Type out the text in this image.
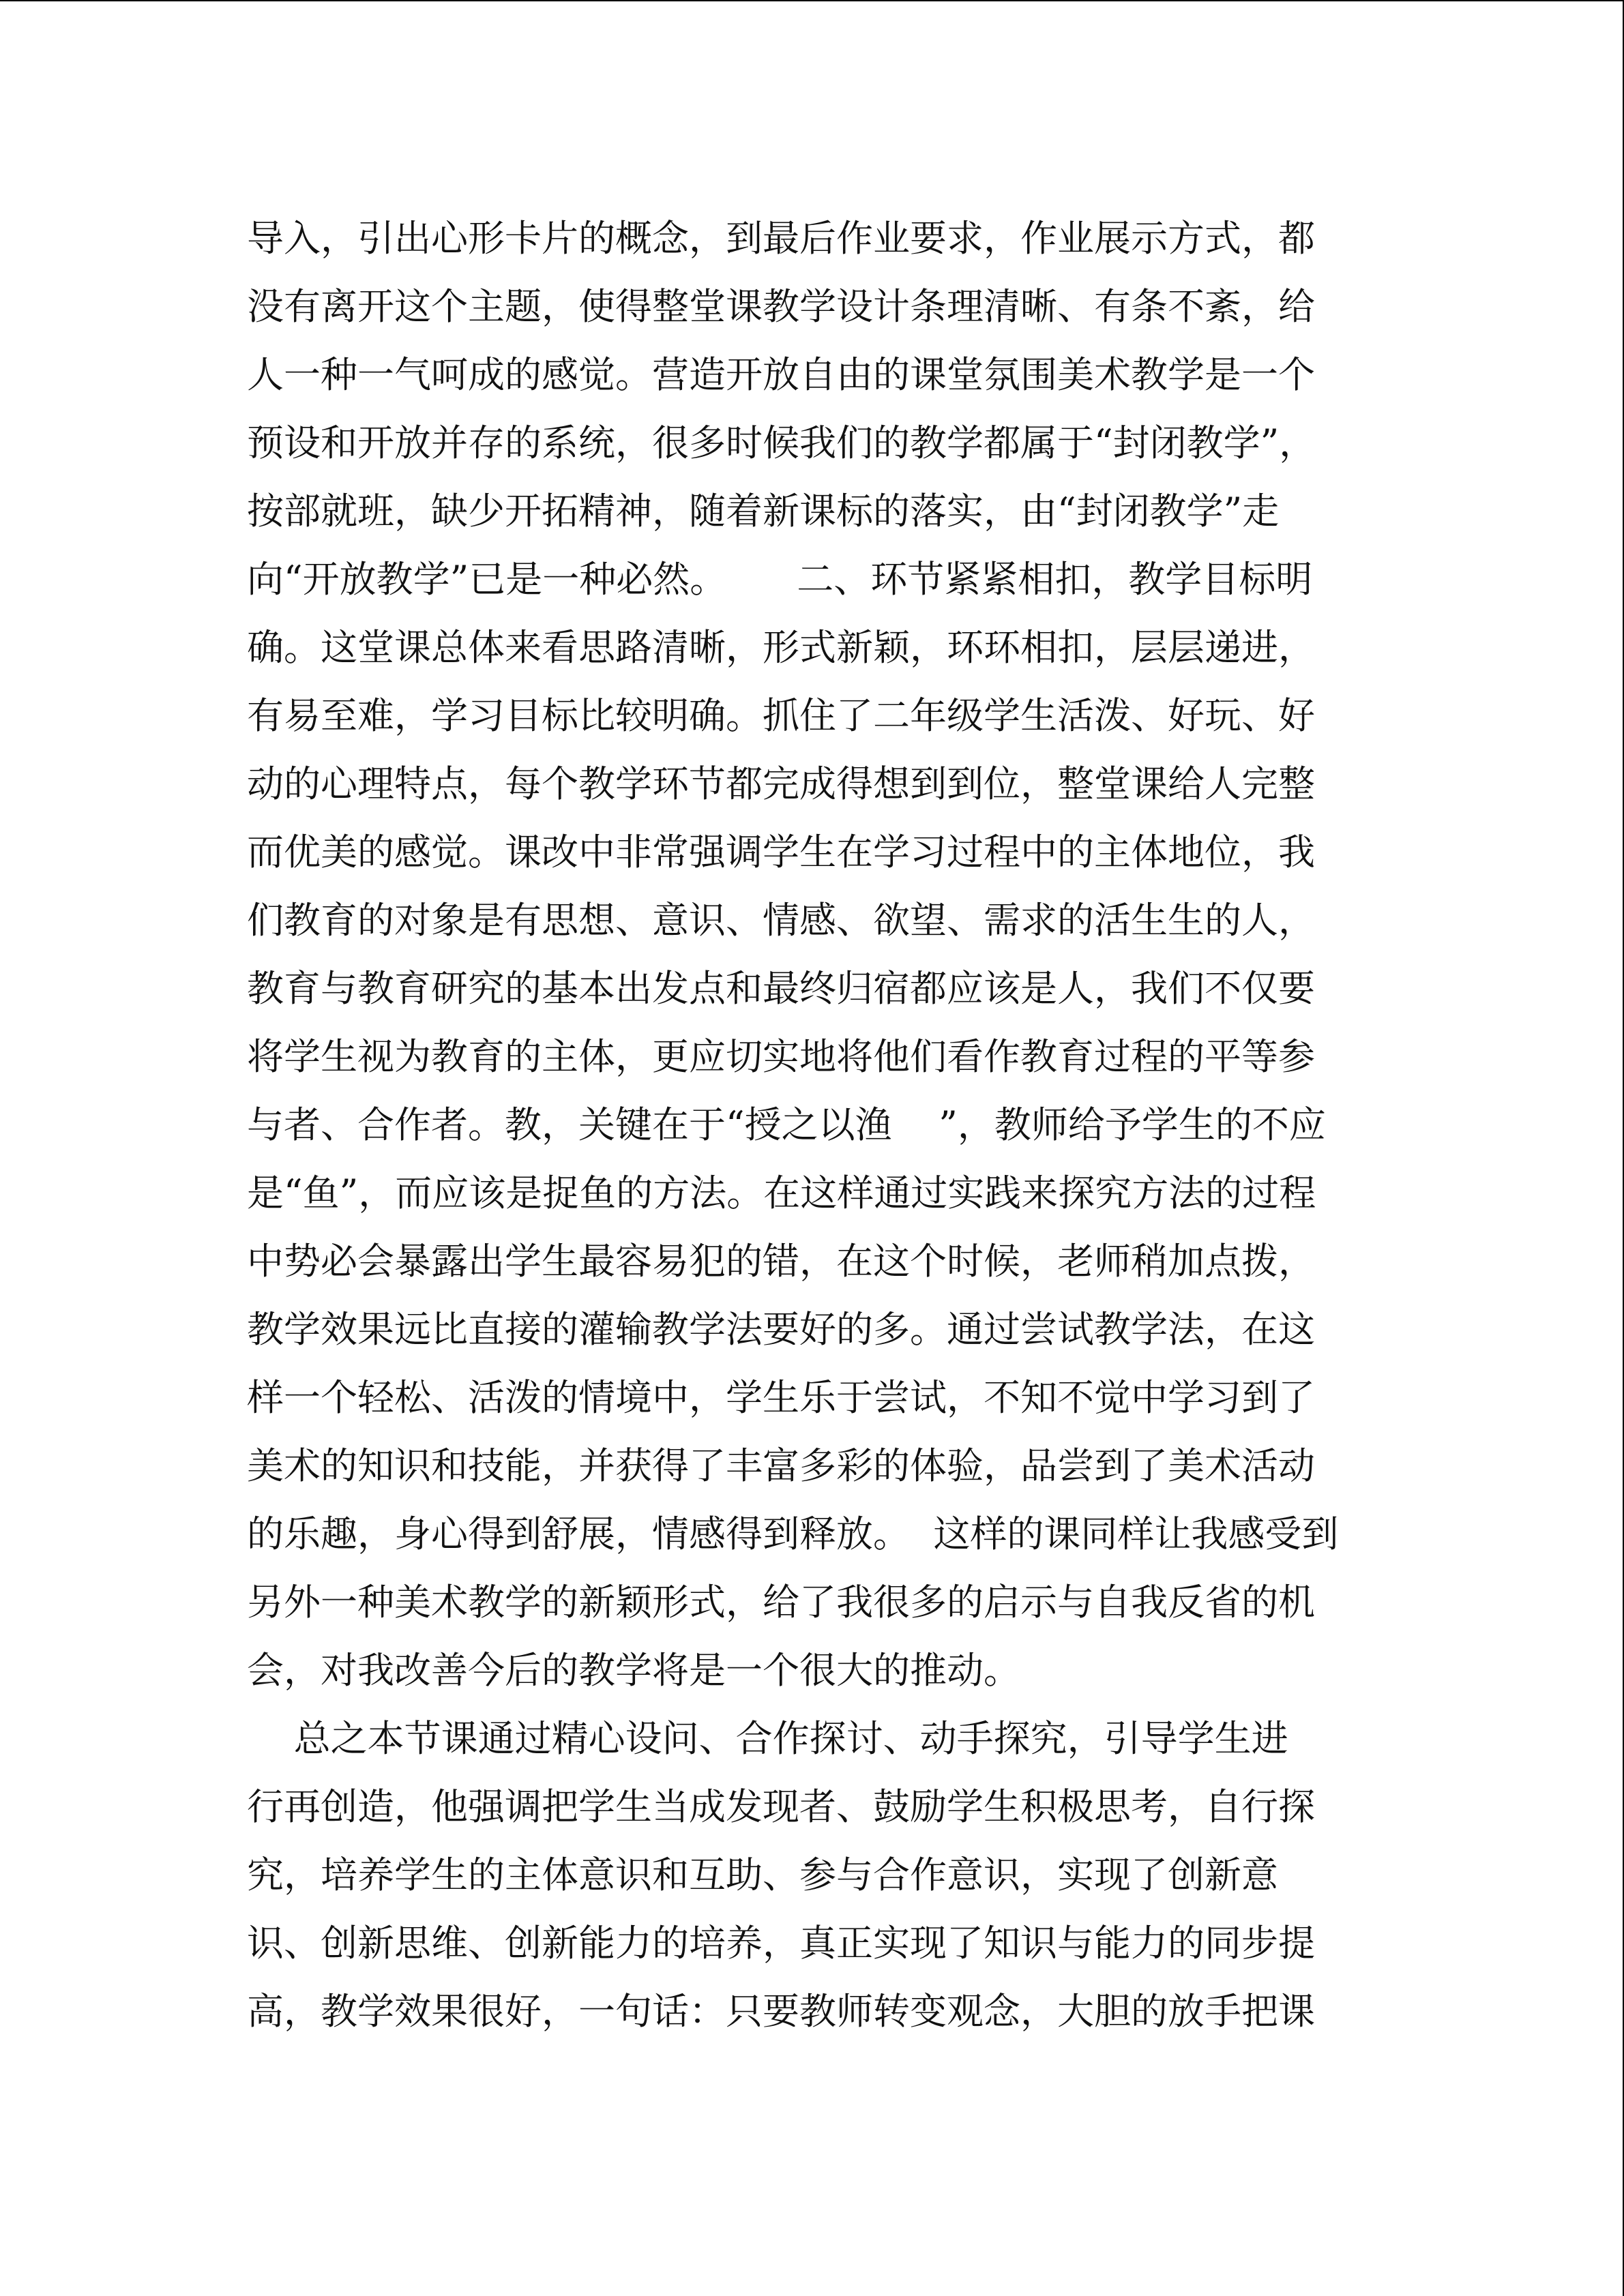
导入，引出心形卡片的概念，到最后作业要求，作业展示方式，都
没有离开这个主题，使得整堂课教学设计条理清晰、有条不紊，给
人一种一气呵成的感觉。营造开放自由的课堂氛围美术教学是一个
预设和开放并存的系统，很多时候我们的教学都属于“封闭教学”，
按部就班，缺少开拓精神，随着新课标的落实，由“封闭教学”走
向“开放教学”已是一种必然。      二、环节紧紧相扣，教学目标明
确。这堂课总体来看思路清晰，形式新颖，环环相扣，层层递进，
有易至难，学习目标比较明确。抓住了二年级学生活泼、好玩、好
动的心理特点，每个教学环节都完成得想到到位，整堂课给人完整
而优美的感觉。课改中非常强调学生在学习过程中的主体地位，我
们教育的对象是有思想、意识、情感、欲望、需求的活生生的人，
教育与教育研究的基本出发点和最终归宿都应该是人，我们不仅要
将学生视为教育的主体，更应切实地将他们看作教育过程的平等参
与者、合作者。教，关键在于“授之以渔    ”，教师给予学生的不应
是“鱼”，而应该是捉鱼的方法。在这样通过实践来探究方法的过程
中势必会暴露出学生最容易犯的错，在这个时候，老师稍加点拨，
教学效果远比直接的灌输教学法要好的多。通过尝试教学法，在这
样一个轻松、活泼的情境中，学生乐于尝试，不知不觉中学习到了
美术的知识和技能，并获得了丰富多彩的体验，品尝到了美术活动
的乐趣，身心得到舒展，情感得到释放。  这样的课同样让我感受到
另外一种美术教学的新颖形式，给了我很多的启示与自我反省的机
会，对我改善今后的教学将是一个很大的推动。
总之本节课通过精心设问、合作探讨、动手探究，引导学生进
行再创造，他强调把学生当成发现者、鼓励学生积极思考，自行探
究，培养学生的主体意识和互助、参与合作意识，实现了创新意
识、创新思维、创新能力的培养，真正实现了知识与能力的同步提
高，教学效果很好，一句话：只要教师转变观念，大胆的放手把课
